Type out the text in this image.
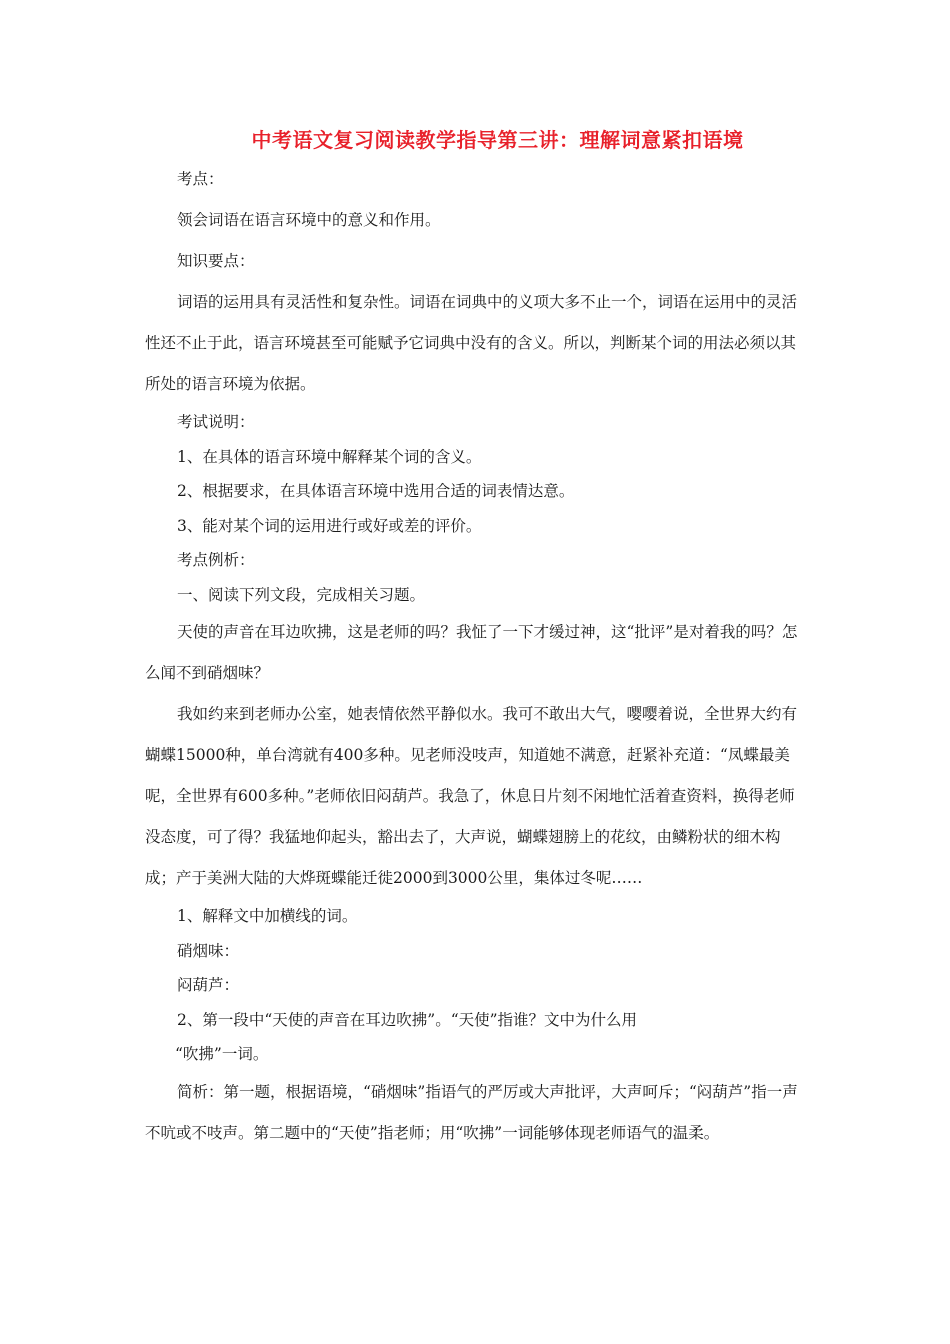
中考语文复习阅读教学指导第三讲：理解词意紧扣语境

考点：

领会词语在语言环境中的意义和作用。

知识要点：

词语的运用具有灵活性和复杂性。词语在词典中的义项大多不止一个，词语在运用中的灵活性还不止于此，语言环境甚至可能赋予它词典中没有的含义。所以，判断某个词的用法必须以其所处的语言环境为依据。

考试说明：

1、在具体的语言环境中解释某个词的含义。

2、根据要求，在具体语言环境中选用合适的词表情达意。

3、能对某个词的运用进行或好或差的评价。

考点例析：

一、阅读下列文段，完成相关习题。

天使的声音在耳边吹拂，这是老师的吗？我怔了一下才缓过神，这“批评”是对着我的吗？怎么闻不到硝烟味？

我如约来到老师办公室，她表情依然平静似水。我可不敢出大气，嘤嘤着说，全世界大约有蝴蝶15000种，单台湾就有400多种。见老师没吱声，知道她不满意，赶紧补充道：“凤蝶最美呢，全世界有600多种。”老师依旧闷葫芦。我急了，休息日片刻不闲地忙活着查资料，换得老师没态度，可了得？我猛地仰起头，豁出去了，大声说，蝴蝶翅膀上的花纹，由鳞粉状的细木构成；产于美洲大陆的大烨斑蝶能迁徙2000到3000公里，集体过冬呢……

1、解释文中加横线的词。

硝烟味：

闷葫芦：

2、第一段中“天使的声音在耳边吹拂”。“天使”指谁？文中为什么用

“吹拂”一词。

简析：第一题，根据语境，“硝烟味”指语气的严厉或大声批评，大声呵斥；“闷葫芦”指一声不吭或不吱声。第二题中的“天使”指老师；用“吹拂”一词能够体现老师语气的温柔。
